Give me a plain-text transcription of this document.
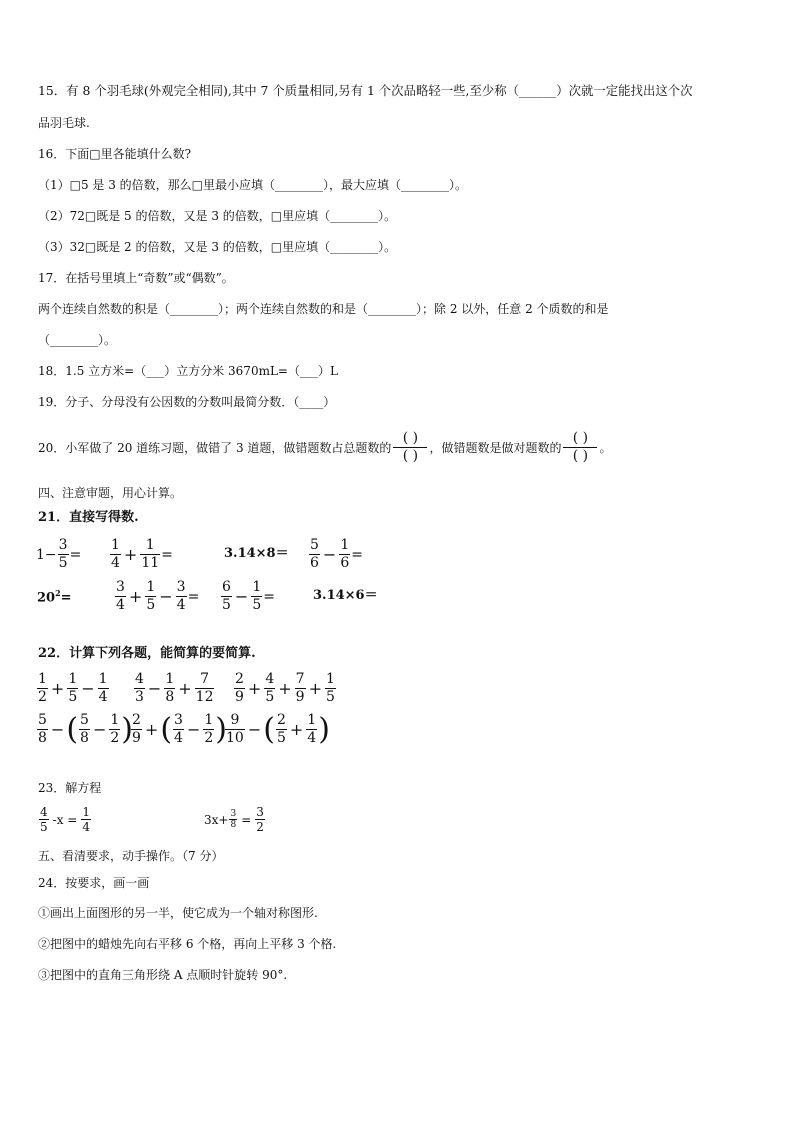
15．有 8 个羽毛球(外观完全相同),其中 7 个质量相同,另有 1 个次品略轻一些,至少称（______）次就一定能找出这个次
品羽毛球.
16．下面□里各能填什么数?
（1）□5 是 3 的倍数，那么□里最小应填（________），最大应填（________）。
（2）72□既是 5 的倍数，又是 3 的倍数，□里应填（________）。
（3）32□既是 2 的倍数，又是 3 的倍数，□里应填（________）。
17．在括号里填上“奇数”或“偶数”。
两个连续自然数的积是（________）；两个连续自然数的和是（________）；除 2 以外，任意 2 个质数的和是
（________）。
18．1.5 立方米=（___）立方分米 3670mL=（___）L
19．分子、分母没有公因数的分数叫最简分数．（____）
20．小军做了 20 道练习题，做错了 3 道题，做错题数占总题数的
( )
( )
，做错题数是做对题数的
( )
( )
。
四、注意审题，用心计算。
21．直接写得数.
$1- \frac{3}{5} = \frac{1}{4} + \frac{1}{11}$ =	$3.14\times 8= \frac{5}{6} - \frac{1}{6}$ =
$20^2=$	$\frac{3}{4} + \frac{1}{5} - \frac{3}{4} = \frac{6}{5} - \frac{1}{5}$ =	3.14×6＝
22．计算下列各题，能简算的要简算.
$\frac{1}{2} + \frac{1}{5} - \frac{1}{4} \frac{4}{3} - \frac{1}{8} + \frac{7}{12} \frac{2}{9} + \frac{4}{5} + \frac{7}{9} + \frac{1}{5}$
$\frac{5}{8}$ − ( $\frac{5}{8} - \frac{1}{2}$ )
$\frac{2}{9}$ + ( $\frac{3}{4} - \frac{1}{2}$ )
$\frac{9}{10}$ − ( $\frac{2}{5} + \frac{1}{4}$ )
23．解方程
$\frac{4}{5} -x = \frac{1}{4}$	$3x+ \frac{3}{8} = \frac{3}{2}$
五、看清要求，动手操作。（7 分）
24．按要求，画一画
①画出上面图形的另一半，使它成为一个轴对称图形.
②把图中的蜡烛先向右平移 6 个格，再向上平移 3 个格.
③把图中的直角三角形绕 A 点顺时针旋转 90°.
